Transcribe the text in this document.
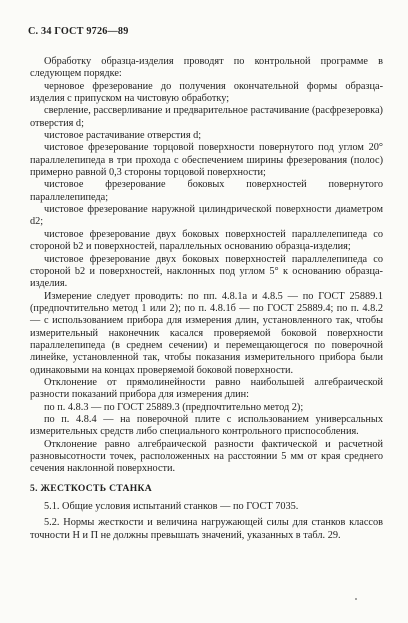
С. 34 ГОСТ 9726—89

Обработку образца-изделия проводят по контрольной программе в следующем порядке:

черновое фрезерование до получения окончательной формы образца-изделия с припуском на чистовую обработку;

сверление, рассверливание и предварительное растачивание (расфрезеровка) отверстия d;

чистовое растачивание отверстия d;

чистовое фрезерование торцовой поверхности повернутого под углом 20° параллелепипеда в три прохода с обеспечением ширины фрезерования (полос) примерно равной 0,3 стороны торцовой поверхности;

чистовое фрезерование боковых поверхностей повернутого параллелепипеда;

чистовое фрезерование наружной цилиндрической поверхности диаметром d2;

чистовое фрезерование двух боковых поверхностей параллелепипеда со стороной b2 и поверхностей, параллельных основанию образца-изделия;

чистовое фрезерование двух боковых поверхностей параллелепипеда со стороной b2 и поверхностей, наклонных под углом 5° к основанию образца-изделия.

Измерение следует проводить: по пп. 4.8.1а и 4.8.5 — по ГОСТ 25889.1 (предпочтительно метод 1 или 2); по п. 4.8.1б — по ГОСТ 25889.4; по п. 4.8.2 — с использованием прибора для измерения длин, установленного так, чтобы измерительный наконечник касался проверяемой боковой поверхности параллелепипеда (в среднем сечении) и перемещающегося по поверочной линейке, установленной так, чтобы показания измерительного прибора были одинаковыми на концах проверяемой боковой поверхности.

Отклонение от прямолинейности равно наибольшей алгебраической разности показаний прибора для измерения длин:

по п. 4.8.3 — по ГОСТ 25889.3 (предпочтительно метод 2);

по п. 4.8.4 — на поверочной плите с использованием универсальных измерительных средств либо специального контрольного приспособления.

Отклонение равно алгебраической разности фактической и расчетной разновысотности точек, расположенных на расстоянии 5 мм от края среднего сечения наклонной поверхности.

5. ЖЕСТКОСТЬ СТАНКА

5.1. Общие условия испытаний станков — по ГОСТ 7035.

5.2. Нормы жесткости и величина нагружающей силы для станков классов точности Н и П не должны превышать значений, указанных в табл. 29.
